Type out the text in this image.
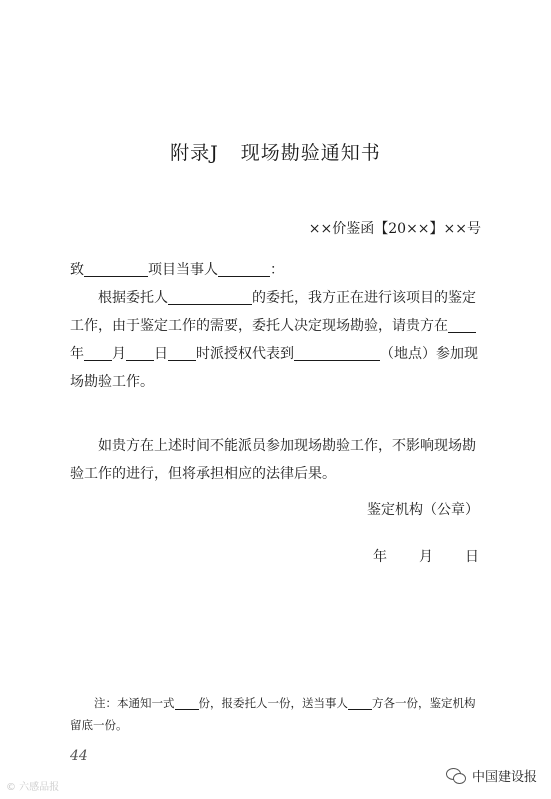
附录J 现场勘验通知书
××价鉴函【20××】××号

致	项目当事人	：

根据委托人	的委托，我方正在进行该项目的鉴定工作，由于鉴定工作的需要，委托人决定现场勘验，请贵方在年 月 日 时派授权代表到	（地点）参加现场勘验工作。

如贵方在上述时间不能派员参加现场勘验工作，不影响现场勘验工作的进行，但将承担相应的法律后果。
鉴定机构（公章）
年 月 日
注：本通知一式 份，报委托人一份，送当事人 方各一份，鉴定机构留底一份。
44
© 六感品报
中国建设报
